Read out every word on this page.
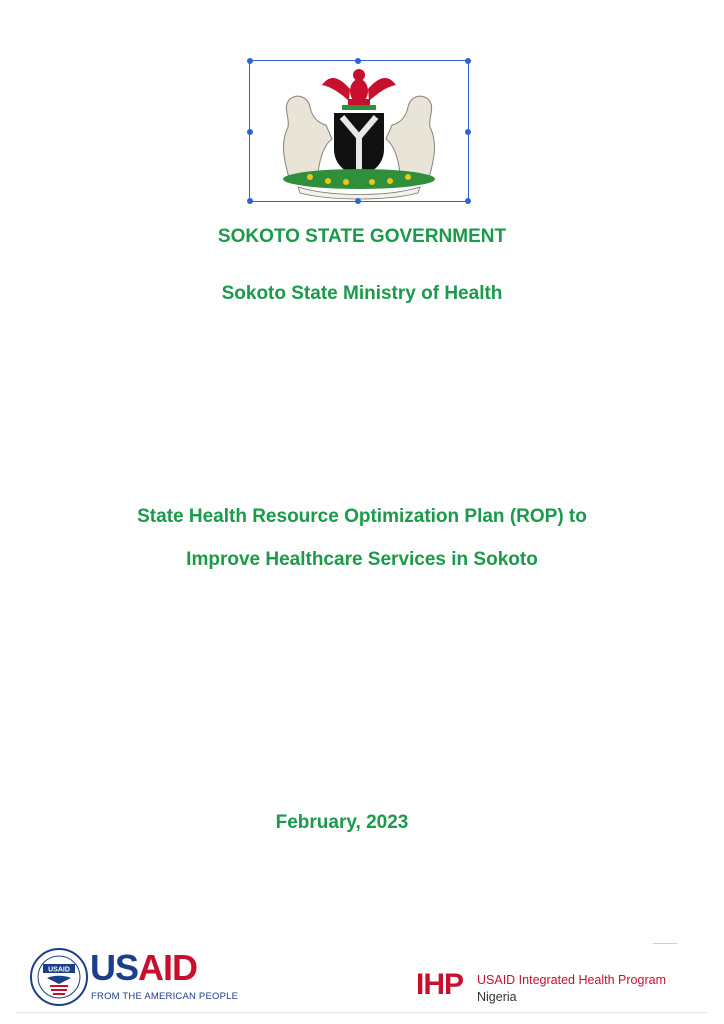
SOKOTO STATE GOVERNMENT
Sokoto State Ministry of Health
State Health Resource Optimization Plan (ROP) to
Improve Healthcare Services in Sokoto
February, 2023
USAID USAID
FROM THE AMERICAN PEOPLE	IHP USAID Integrated Health Program
Nigeria
